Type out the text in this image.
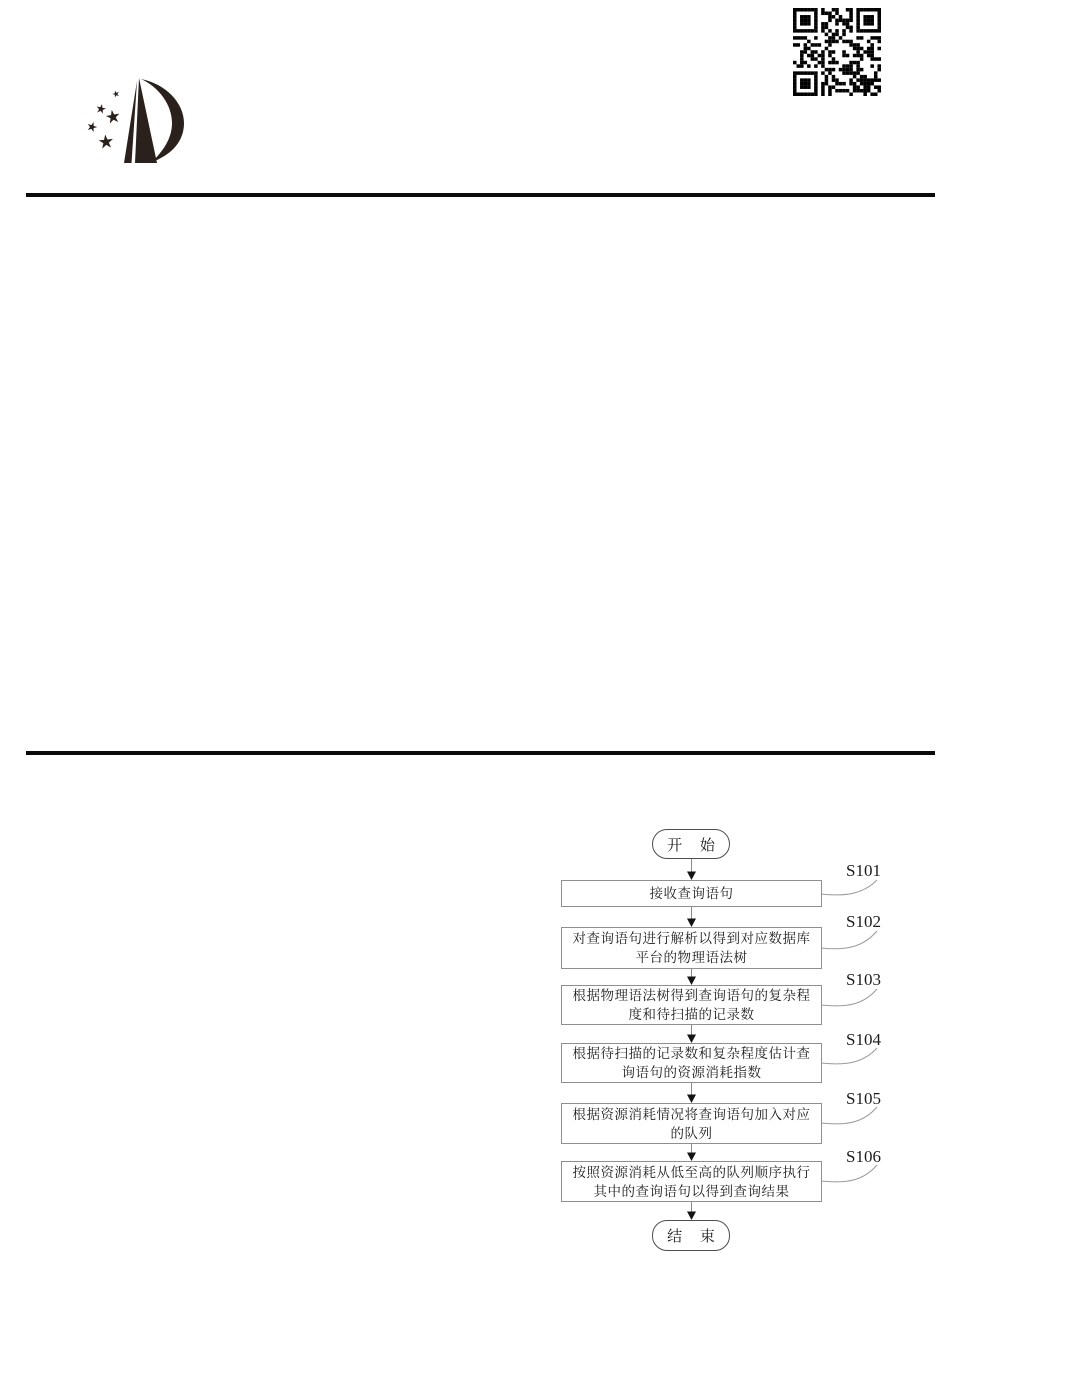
开 始
接收查询语句
对查询语句进行解析以得到对应数据库平台的物理语法树
根据物理语法树得到查询语句的复杂程度和待扫描的记录数
根据待扫描的记录数和复杂程度估计查询语句的资源消耗指数
根据资源消耗情况将查询语句加入对应的队列
按照资源消耗从低至高的队列顺序执行其中的查询语句以得到查询结果
S101
S102
S103
S104
S105
S106
结 束
